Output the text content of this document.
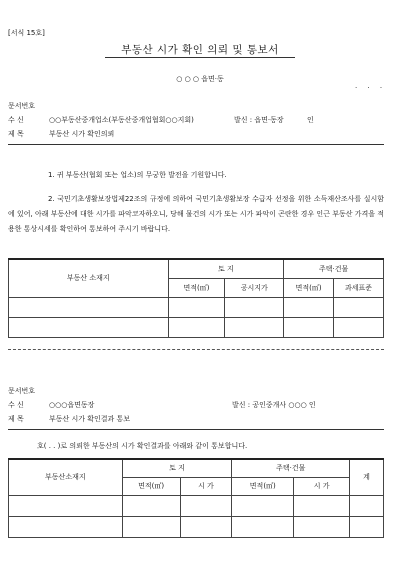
[서식 15호]
부동산 시가 확인 의뢰 및 통보서
○ ○ ○ 읍면·동
· · ·
문서번호
수 신	○○부동산중개업소(부동산중개업협회○○지회)	발신 : 읍면·동장	인
제 목	부동산 시가 확인의뢰
1. 귀 부동산(협회 또는 업소)의 무궁한 발전을 기원합니다.
2. 국민기초생활보장법제22조의 규정에 의하여 국민기초생활보장 수급자 선정을 위한 소득재산조사를 실시함에 있어, 아래 부동산에 대한 시가를 파악코자하오니, 당해 물건의 시가 또는 시가 파악이 곤란한 경우 인근 부동산 가격을 적용한 통상시세를 확인하여 통보하여 주시기 바랍니다.
부동산 소재지	토 지		주택·건물	
	면적(㎡)	공시지가	면적(㎡)	과세표준

문서번호
수 신	○○○읍면동장	발신 : 공인중개사 ○○○ 인
제 목	부동산 시가 확인결과 통보
호( . . )로 의뢰한 부동산의 시가 확인결과를 아래와 같이 통보합니다.
부동산소재지	토 지		주택·건물		계
	면적(㎡)	시 가	면적(㎡)	시 가	
